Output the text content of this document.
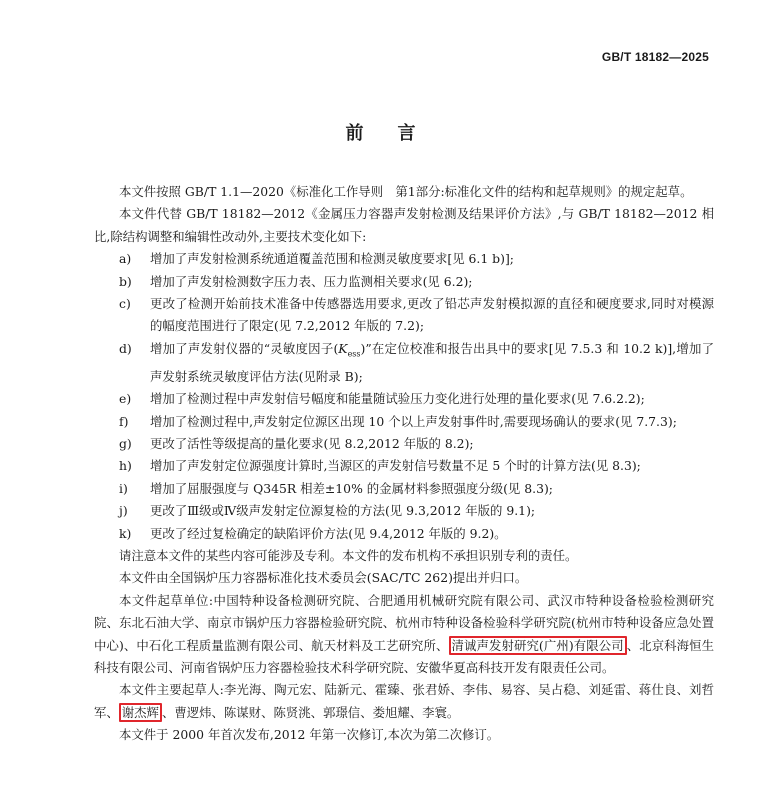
GB/T 18182—2025
前言

本文件按照 GB/T 1.1—2020《标准化工作导则　第1部分:标准化文件的结构和起草规则》的规定起草。

本文件代替 GB/T 18182—2012《金属压力容器声发射检测及结果评价方法》,与 GB/T 18182—2012 相比,除结构调整和编辑性改动外,主要技术变化如下:

a)	增加了声发射检测系统通道覆盖范围和检测灵敏度要求[见 6.1 b)];
b)	增加了声发射检测数字压力表、压力监测相关要求(见 6.2);
c)	更改了检测开始前技术准备中传感器选用要求,更改了铅芯声发射模拟源的直径和硬度要求,同时对模源的幅度范围进行了限定(见 7.2,2012 年版的 7.2);
d)	增加了声发射仪器的“灵敏度因子$(K_{ess})$”在定位校准和报告出具中的要求[见 7.5.3 和 10.2 k)],增加了声发射系统灵敏度评估方法(见附录 B);
e)	增加了检测过程中声发射信号幅度和能量随试验压力变化进行处理的量化要求(见 7.6.2.2);
f)	增加了检测过程中,声发射定位源区出现 10 个以上声发射事件时,需要现场确认的要求(见 7.7.3);
g)	更改了活性等级提高的量化要求(见 8.2,2012 年版的 8.2);
h)	增加了声发射定位源强度计算时,当源区的声发射信号数量不足 5 个时的计算方法(见 8.3);
i)	增加了屈服强度与 Q345R 相差±10% 的金属材料参照强度分级(见 8.3);
j)	更改了Ⅲ级或Ⅳ级声发射定位源复检的方法(见 9.3,2012 年版的 9.1);
k)	更改了经过复检确定的缺陷评价方法(见 9.4,2012 年版的 9.2)。

请注意本文件的某些内容可能涉及专利。本文件的发布机构不承担识别专利的责任。

本文件由全国锅炉压力容器标准化技术委员会(SAC/TC 262)提出并归口。

本文件起草单位:中国特种设备检测研究院、合肥通用机械研究院有限公司、武汉市特种设备检验检测研究院、东北石油大学、南京市锅炉压力容器检验研究院、杭州市特种设备检验科学研究院(杭州市特种设备应急处置中心)、中石化工程质量监测有限公司、航天材料及工艺研究所、 清诚声发射研究(广州)有限公司 、北京科海恒生科技有限公司、河南省锅炉压力容器检验技术科学研究院、安徽华夏高科技开发有限责任公司。

本文件主要起草人:李光海、陶元宏、陆新元、霍臻、张君娇、李伟、易容、吴占稳、刘延雷、蒋仕良、刘哲军、 谢杰辉 、曹逻炜、陈谋财、陈贤洮、郭璟信、娄旭耀、李寰。

本文件于 2000 年首次发布,2012 年第一次修订,本次为第二次修订。
